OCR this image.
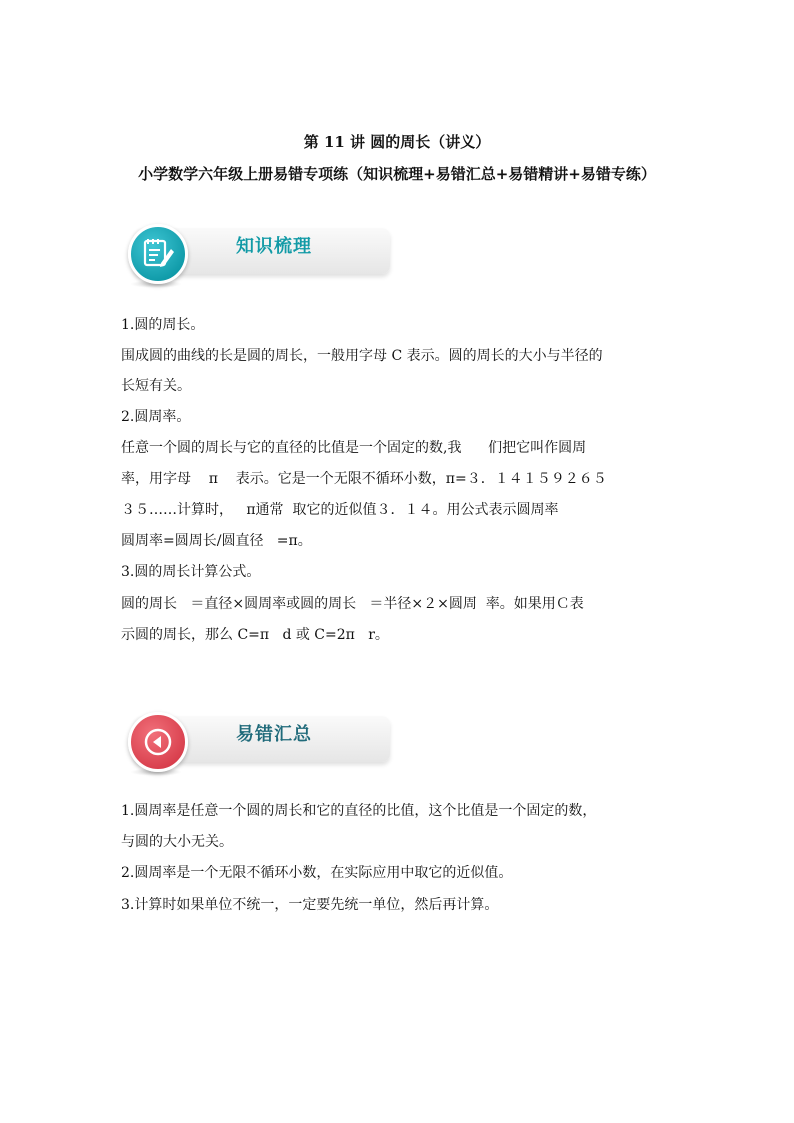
第 11 讲 圆的周长（讲义）
小学数学六年级上册易错专项练（知识梳理+易错汇总+易错精讲+易错专练）
知识梳理
1.圆的周长。
围成圆的曲线的长是圆的周长，一般用字母 C 表示。圆的周长的大小与半径的
长短有关。
2.圆周率。
任意一个圆的周长与它的直径的比值是一个固定的数,我      们把它叫作圆周
率，用字母    π    表示。它是一个无限不循环小数，π=３．１４１５９２６５
３５……计算时，   π通常  取它的近似值３．１４。用公式表示圆周率
圆周率=圆周长/圆直径   =π。
3.圆的周长计算公式。
圆的周长   ＝直径×圆周率或圆的周长   ＝半径×２×圆周  率。如果用Ｃ表
示圆的周长，那么 C=π   d 或 C=2π   r。
易错汇总
1.圆周率是任意一个圆的周长和它的直径的比值，这个比值是一个固定的数，
与圆的大小无关。
2.圆周率是一个无限不循环小数，在实际应用中取它的近似值。
3.计算时如果单位不统一，一定要先统一单位，然后再计算。
